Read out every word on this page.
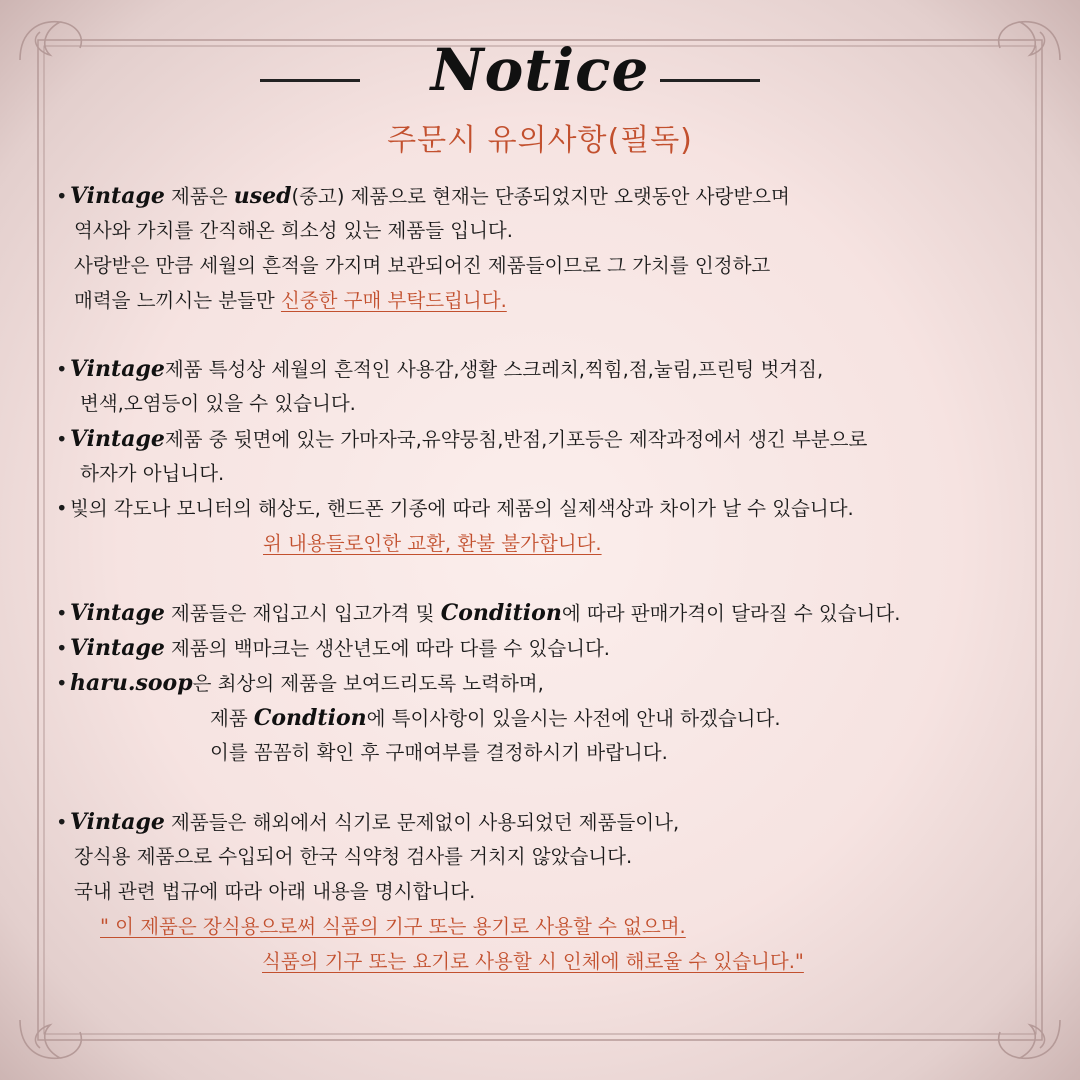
Notice
주문시 유의사항(필독)
• Vintage 제품은 used(중고) 제품으로 현재는 단종되었지만 오랫동안 사랑받으며
역사와 가치를 간직해온 희소성 있는 제품들 입니다.
사랑받은 만큼 세월의 흔적을 가지며 보관되어진 제품들이므로 그 가치를 인정하고
매력을 느끼시는 분들만 신중한 구매 부탁드립니다.
• Vintage제품 특성상 세월의 흔적인 사용감,생활 스크레치,찍힘,점,눌림,프린팅 벗겨짐,
변색,오염등이 있을 수 있습니다.
• Vintage제품 중 뒷면에 있는 가마자국,유약뭉침,반점,기포등은 제작과정에서 생긴 부분으로
하자가 아닙니다.
• 빛의 각도나 모니터의 해상도, 핸드폰 기종에 따라 제품의 실제색상과 차이가 날 수 있습니다.
위 내용들로인한 교환, 환불 불가합니다.
• Vintage 제품들은 재입고시 입고가격 및 Condition에 따라 판매가격이 달라질 수 있습니다.
• Vintage 제품의 백마크는 생산년도에 따라 다를 수 있습니다.
• haru.soop은 최상의 제품을 보여드리도록 노력하며,
제품 Condtion에 특이사항이 있을시는 사전에 안내 하겠습니다.
이를 꼼꼼히 확인 후 구매여부를 결정하시기 바랍니다.
• Vintage 제품들은 해외에서 식기로 문제없이 사용되었던 제품들이나,
장식용 제품으로 수입되어 한국 식약청 검사를 거치지 않았습니다.
국내 관련 법규에 따라 아래 내용을 명시합니다.
" 이 제품은 장식용으로써 식품의 기구 또는 용기로 사용할 수 없으며.
식품의 기구 또는 요기로 사용할 시 인체에 해로울 수 있습니다."
